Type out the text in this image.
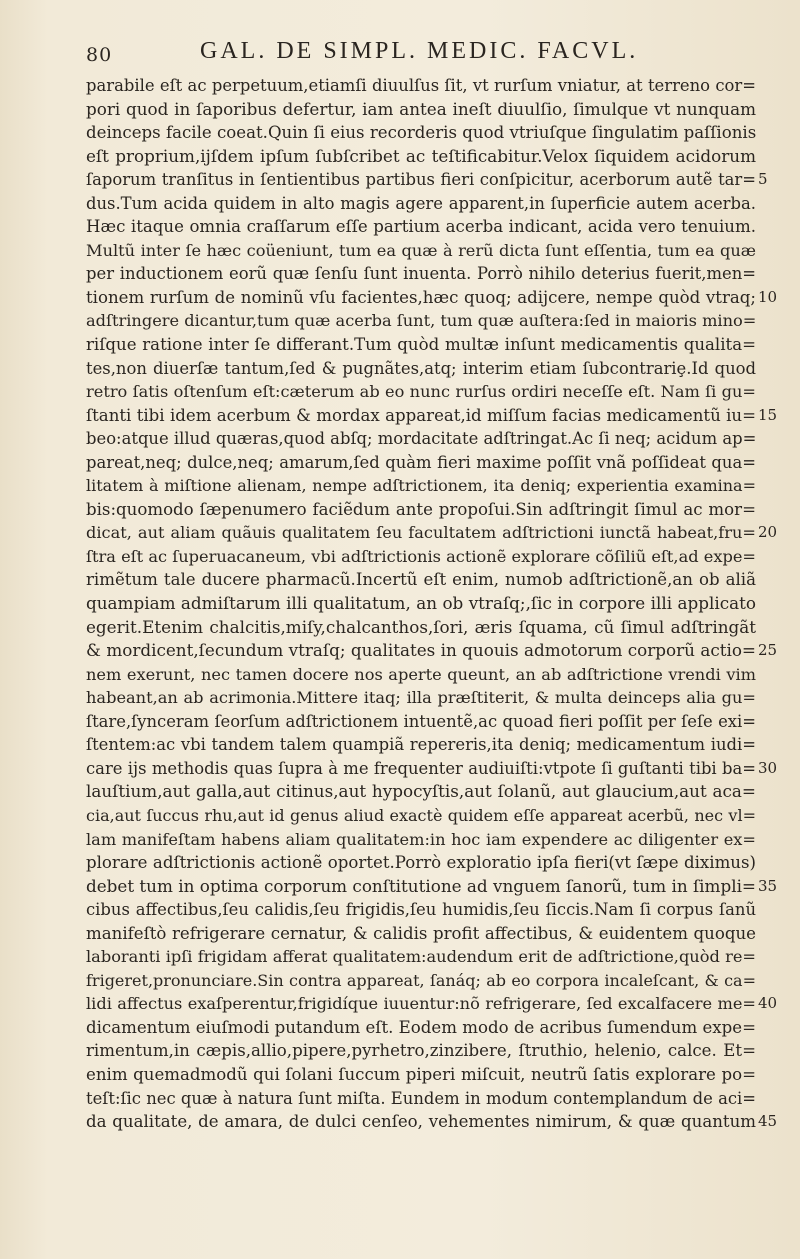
80	GAL. DE SIMPL. MEDIC. FACVL.
parabile eſt ac perpetuum,etiamſi diuulſus ſit, vt rurſum vniatur, at terreno cor=
pori quod in ſaporibus defertur, iam antea ineſt diuulſio, ſimulque vt nunquam
deinceps facile coeat.Quin ſi eius recorderis quod vtriuſque ſingulatim paſſionis
eſt proprium,ijſdem ipſum ſubſcribet ac teſtificabitur.Velox ſiquidem acidorum
ſaporum tranſitus in ſentientibus partibus fieri conſpicitur, acerborum autẽ tar=
dus.Tum acida quidem in alto magis agere apparent,in ſuperficie autem acerba.
Hæc itaque omnia craſſarum eſſe partium acerba indicant, acida vero tenuium.
Multũ inter ſe hæc coüeniunt, tum ea quæ à rerũ dicta ſunt eſſentia, tum ea quæ
per inductionem eorũ quæ ſenſu ſunt inuenta. Porrò nihilo deterius fuerit,men=
tionem rurſum de nominũ vſu facientes,hæc quoq; adijcere, nempe quòd vtraq;
adſtringere dicantur,tum quæ acerba ſunt, tum quæ auſtera:ſed in maioris mino=
riſque ratione inter ſe differant.Tum quòd multæ inſunt medicamentis qualita=
tes,non diuerſæ tantum,ſed & pugnãtes,atq; interim etiam ſubcontrariȩ.Id quod
retro ſatis oſtenſum eſt:cæterum ab eo nunc rurſus ordiri neceſſe eſt. Nam ſi gu=
ſtanti tibi idem acerbum & mordax appareat,id miſſum facias medicamentũ iu=
beo:atque illud quæras,quod abſq; mordacitate adſtringat.Ac ſi neq; acidum ap=
pareat,neq; dulce,neq; amarum,ſed quàm fieri maxime poſſit vnã poſſideat qua=
litatem à miſtione alienam, nempe adſtrictionem, ita deniq; experientia examina=
bis:quomodo ſæpenumero faciẽdum ante propoſui.Sin adſtringit ſimul ac mor=
dicat, aut aliam quãuis qualitatem ſeu facultatem adſtrictioni iunctã habeat,fru=
ſtra eſt ac ſuperuacaneum, vbi adſtrictionis actionẽ explorare cõſiliũ eſt,ad expe=
rimẽtum tale ducere pharmacũ.Incertũ eſt enim, numob adſtrictionẽ,an ob aliã
quampiam admiſtarum illi qualitatum, an ob vtraſq;,ſic in corpore illi applicato
egerit.Etenim chalcitis,miſy,chalcanthos,ſori, æris ſquama, cũ ſimul adſtringãt
& mordicent,ſecundum vtraſq; qualitates in quouis admotorum corporũ actio=
nem exerunt, nec tamen docere nos aperte queunt, an ab adſtrictione vrendi vim
habeant,an ab acrimonia.Mittere itaq; illa præſtiterit, & multa deinceps alia gu=
ſtare,ſynceram ſeorſum adſtrictionem intuentẽ,ac quoad fieri poſſit per ſeſe exi=
ſtentem:ac vbi tandem talem quampiã repereris,ita deniq; medicamentum iudi=
care ijs methodis quas ſupra à me frequenter audiuiſti:vtpote ſi guſtanti tibi ba=
lauſtium,aut galla,aut citinus,aut hypocyſtis,aut ſolanũ, aut glaucium,aut aca=
cia,aut ſuccus rhu,aut id genus aliud exactè quidem eſſe appareat acerbũ, nec vl=
lam manifeſtam habens aliam qualitatem:in hoc iam expendere ac diligenter ex=
plorare adſtrictionis actionẽ oportet.Porrò exploratio ipſa fieri(vt ſæpe diximus)
debet tum in optima corporum conſtitutione ad vnguem ſanorũ, tum in ſimpli=
cibus affectibus,ſeu calidis,ſeu frigidis,ſeu humidis,ſeu ſiccis.Nam ſi corpus ſanũ
manifeſtò refrigerare cernatur, & calidis profit affectibus, & euidentem quoque
laboranti ipſi frigidam afferat qualitatem:audendum erit de adſtrictione,quòd re=
frigeret,pronunciare.Sin contra appareat, ſanáq; ab eo corpora incaleſcant, & ca=
lidi affectus exaſperentur,frigidíque iuuentur:nõ refrigerare, ſed excalfacere me=
dicamentum eiuſmodi putandum eſt. Eodem modo de acribus ſumendum expe=
rimentum,in cæpis,allio,pipere,pyrhetro,zinzibere, ſtruthio, helenio, calce. Et=
enim quemadmodũ qui ſolani ſuccum piperi miſcuit, neutrũ ſatis explorare po=
teſt:ſic nec quæ à natura ſunt miſta. Eundem in modum contemplandum de aci=
da qualitate, de amara, de dulci cenſeo, vehementes nimirum, & quæ quantum
5
10
15
20
25
30
35
40
45
